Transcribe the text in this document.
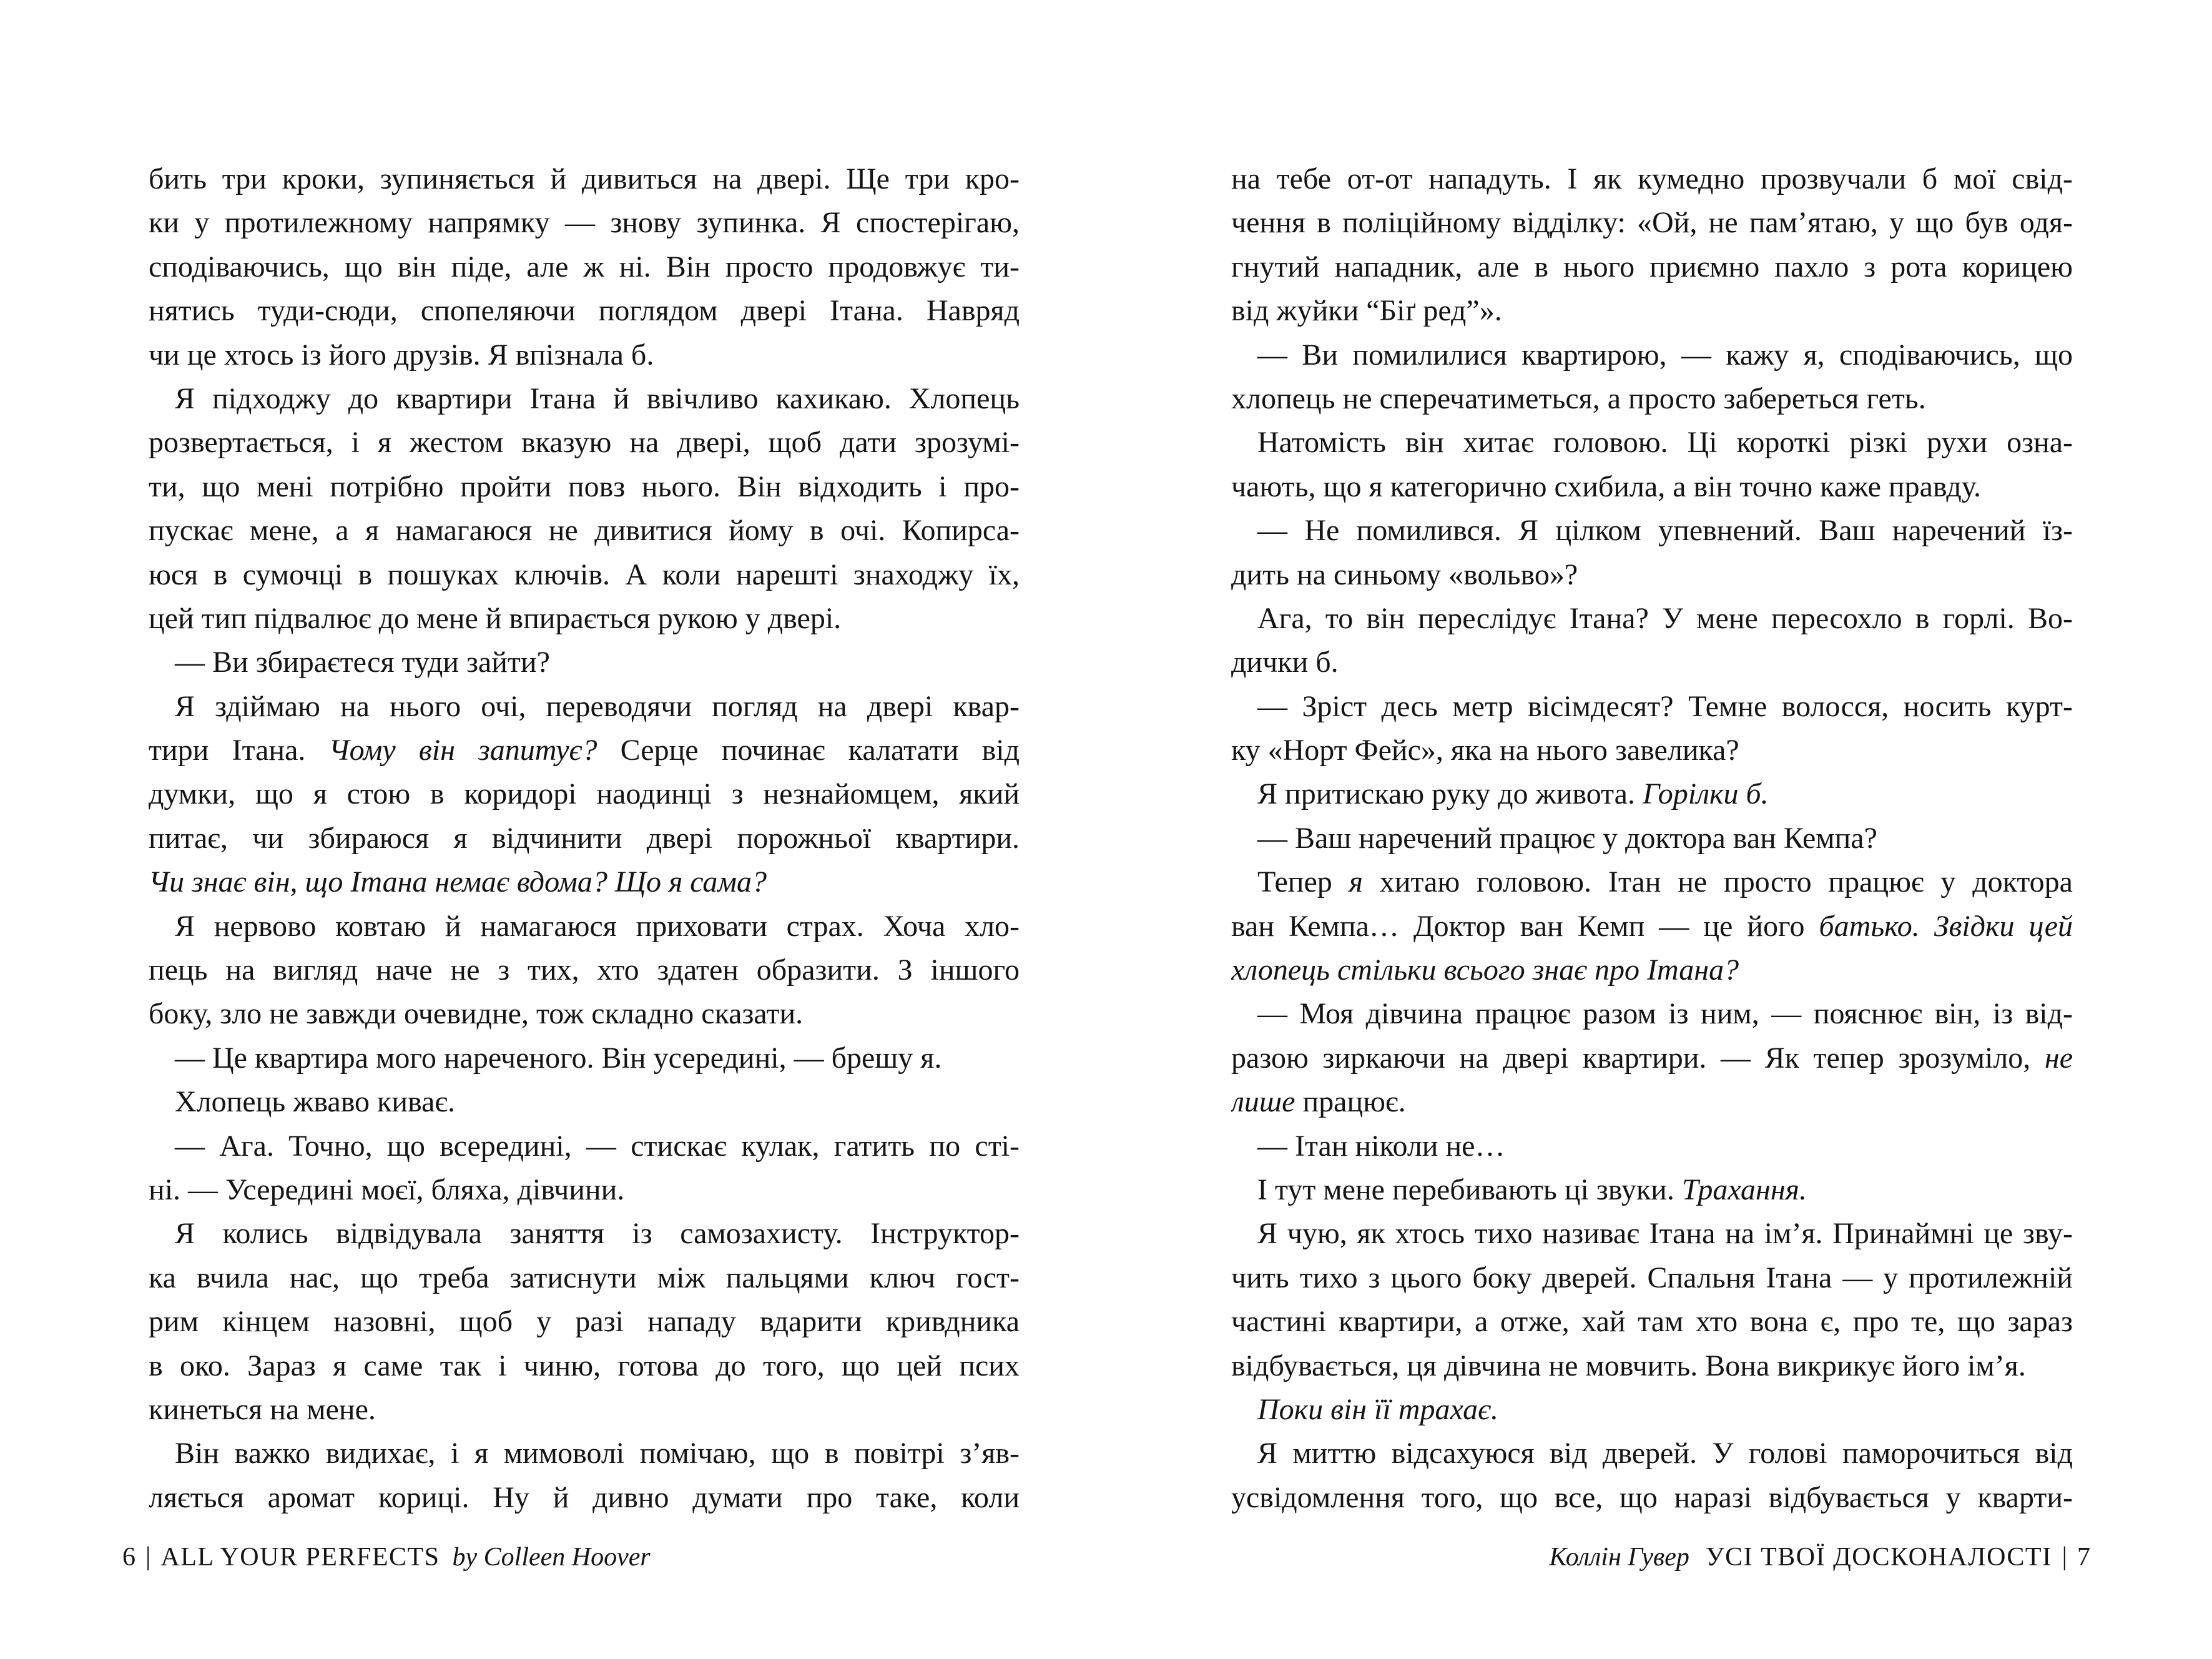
бить три кроки, зупиняється й дивиться на двері. Ще три кро-
ки у протилежному напрямку — знову зупинка. Я спостерігаю,
сподіваючись, що він піде, але ж ні. Він просто продовжує ти-
нятись туди-сюди, спопеляючи поглядом двері Ітана. Навряд
чи це хтось із його друзів. Я впізнала б.
Я підходжу до квартири Ітана й ввічливо кахикаю. Хлопець
розвертається, і я жестом вказую на двері, щоб дати зрозумі-
ти, що мені потрібно пройти повз нього. Він відходить і про-
пускає мене, а я намагаюся не дивитися йому в очі. Копирса-
юся в сумочці в пошуках ключів. А коли нарешті знаходжу їх,
цей тип підвалює до мене й впирається рукою у двері.
— Ви збираєтеся туди зайти?
Я здіймаю на нього очі, переводячи погляд на двері квар-
тири Ітана. Чому він запитує? Серце починає калатати від
думки, що я стою в коридорі наодинці з незнайомцем, який
питає, чи збираюся я відчинити двері порожньої квартири.
Чи знає він, що Ітана немає вдома? Що я сама?
Я нервово ковтаю й намагаюся приховати страх. Хоча хло-
пець на вигляд наче не з тих, хто здатен образити. З іншого
боку, зло не завжди очевидне, тож складно сказати.
— Це квартира мого нареченого. Він усередині, — брешу я.
Хлопець жваво киває.
— Ага. Точно, що всередині, — стискає кулак, гатить по сті-
ні. — Усередині моєї, бляха, дівчини.
Я колись відвідувала заняття із самозахисту. Інструктор-
ка вчила нас, що треба затиснути між пальцями ключ гост-
рим кінцем назовні, щоб у разі нападу вдарити кривдника
в око. Зараз я саме так і чиню, готова до того, що цей псих
кинеться на мене.
Він важко видихає, і я мимоволі помічаю, що в повітрі з’яв-
ляється аромат кориці. Ну й дивно думати про таке, коли
на тебе от-от нападуть. І як кумедно прозвучали б мої свід-
чення в поліційному відділку: «Ой, не пам’ятаю, у що був одя-
гнутий нападник, але в нього приємно пахло з рота корицею
від жуйки “Біґ ред”».
— Ви помилилися квартирою, — кажу я, сподіваючись, що
хлопець не сперечатиметься, а просто забереться геть.
Натомість він хитає головою. Ці короткі різкі рухи озна-
чають, що я категорично схибила, а він точно каже правду.
— Не помилився. Я цілком упевнений. Ваш наречений їз-
дить на синьому «вольво»?
Ага, то він переслідує Ітана? У мене пересохло в горлі. Во-
дички б.
— Зріст десь метр вісімдесят? Темне волосся, носить курт-
ку «Норт Фейс», яка на нього завелика?
Я притискаю руку до живота. Горілки б.
— Ваш наречений працює у доктора ван Кемпа?
Тепер я хитаю головою. Ітан не просто працює у доктора
ван Кемпа… Доктор ван Кемп — це його батько. Звідки цей
хлопець стільки всього знає про Ітана?
— Моя дівчина працює разом із ним, — пояснює він, із від-
разою зиркаючи на двері квартири. — Як тепер зрозуміло, не
лише працює.
— Ітан ніколи не…
І тут мене перебивають ці звуки. Трахання.
Я чую, як хтось тихо називає Ітана на ім’я. Принаймні це зву-
чить тихо з цього боку дверей. Спальня Ітана — у протилежній
частині квартири, а отже, хай там хто вона є, про те, що зараз
відбувається, ця дівчина не мовчить. Вона викрикує його ім’я.
Поки він її трахає.
Я миттю відсахуюся від дверей. У голові паморочиться від
усвідомлення того, що все, що наразі відбувається у кварти-
6 | ALL YOUR PERFECTS by Colleen Hoover	Коллін Гувер УСІ ТВОЇ ДОСКОНАЛОСТІ | 7
